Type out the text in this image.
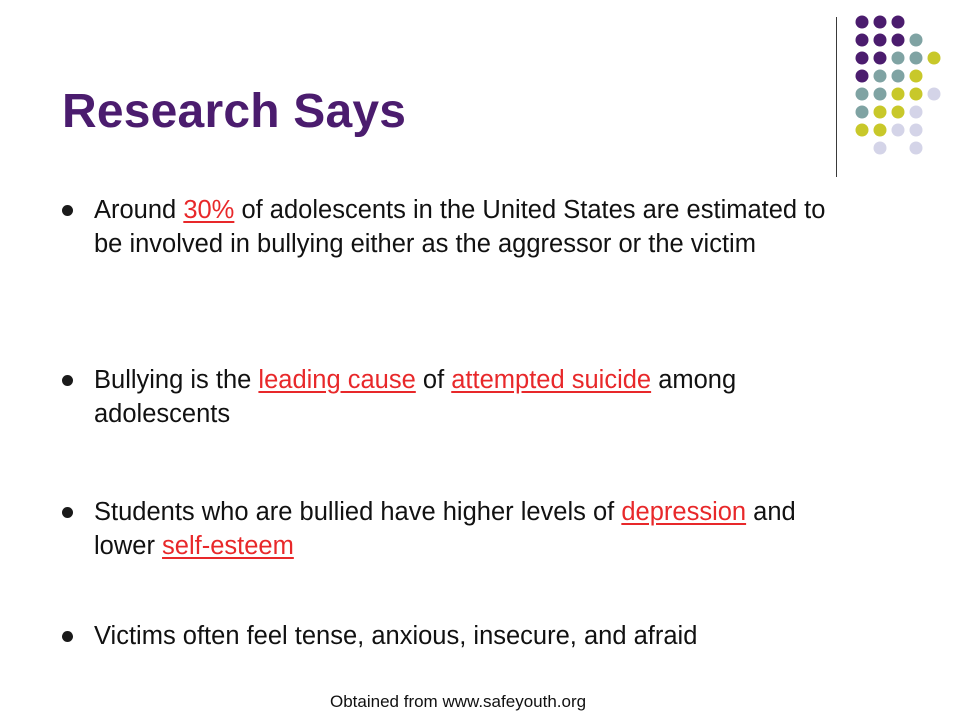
Research Says
Around 30% of adolescents in the United States are estimated to be involved in bullying either as the aggressor or the victim
Bullying is the leading cause of attempted suicide among adolescents
Students who are bullied have higher levels of depression and lower self-esteem
Victims often feel tense, anxious, insecure, and afraid
Obtained from www.safeyouth.org
